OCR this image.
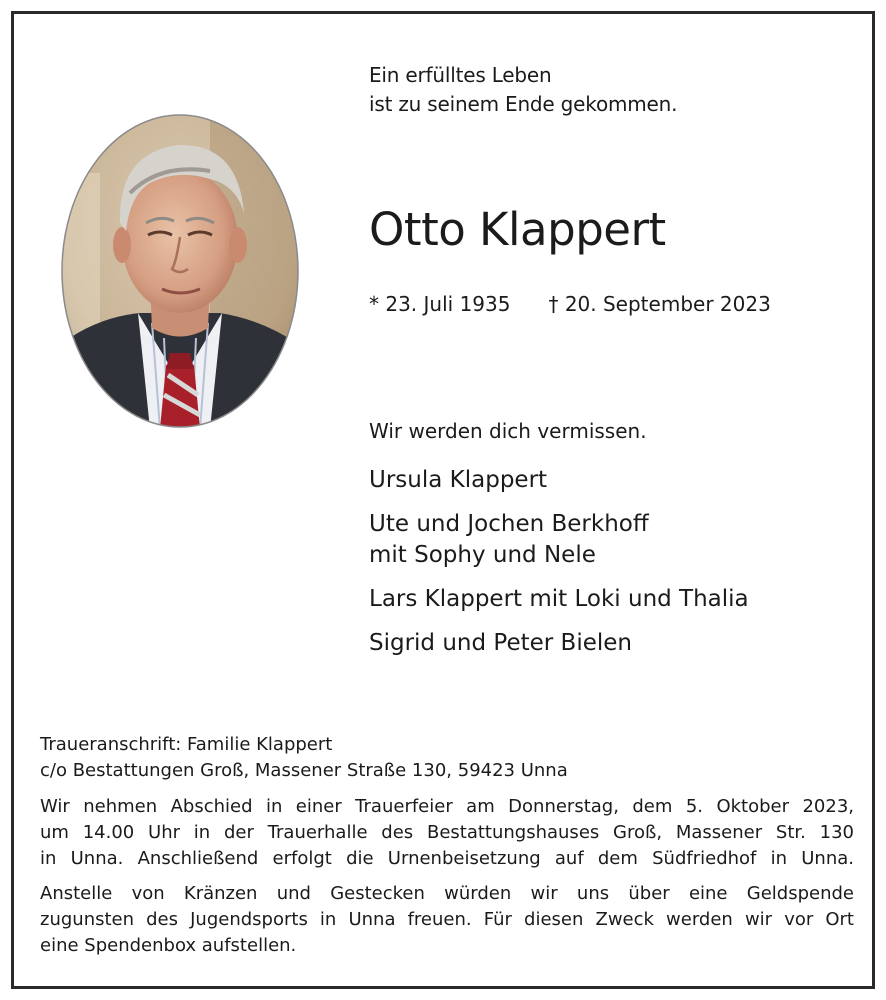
Ein erfülltes Leben
ist zu seinem Ende gekommen.
Otto Klappert
* 23. Juli 1935 † 20. September 2023
Wir werden dich vermissen.
Ursula Klappert
Ute und Jochen Berkhoff
mit Sophy und Nele
Lars Klappert mit Loki und Thalia
Sigrid und Peter Bielen

Traueranschrift: Familie Klappert
c/o Bestattungen Groß, Massener Straße 130, 59423 Unna

Wir nehmen Abschied in einer Trauerfeier am Donnerstag, dem 5. Oktober 2023,
um 14.00 Uhr in der Trauerhalle des Bestattungshauses Groß, Massener Str. 130
in Unna. Anschließend erfolgt die Urnenbeisetzung auf dem Südfriedhof in Unna.

Anstelle von Kränzen und Gestecken würden wir uns über eine Geldspende
zugunsten des Jugendsports in Unna freuen. Für diesen Zweck werden wir vor Ort
eine Spendenbox aufstellen.
